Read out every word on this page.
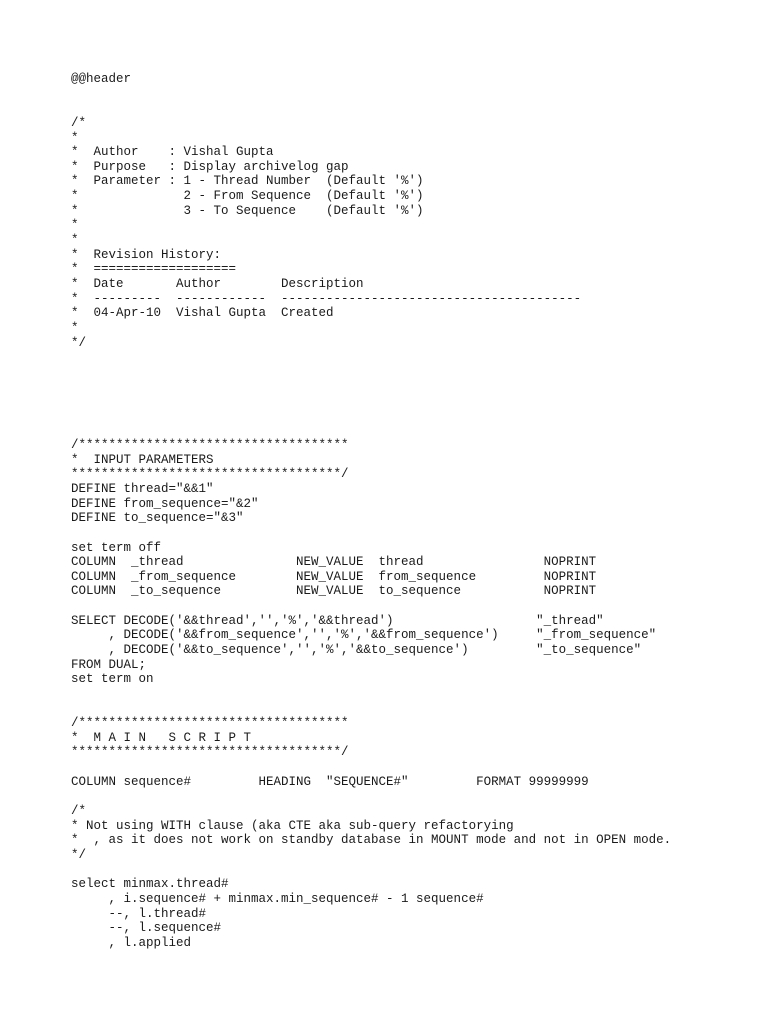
@@header
/*
*
*  Author    : Vishal Gupta
*  Purpose   : Display archivelog gap
*  Parameter : 1 - Thread Number  (Default '%')
*              2 - From Sequence  (Default '%')
*              3 - To Sequence    (Default '%')
*
*
*  Revision History:
*  ===================
*  Date       Author        Description
*  ---------  ------------  ----------------------------------------
*  04-Apr-10  Vishal Gupta  Created
*
*/
/************************************
*  INPUT PARAMETERS
************************************/
DEFINE thread="&&1"
DEFINE from_sequence="&2"
DEFINE to_sequence="&3"
set term off
COLUMN  _thread               NEW_VALUE  thread                NOPRINT
COLUMN  _from_sequence        NEW_VALUE  from_sequence         NOPRINT
COLUMN  _to_sequence          NEW_VALUE  to_sequence           NOPRINT
SELECT DECODE('&&thread','','%','&&thread')                   "_thread"
, DECODE('&&from_sequence','','%','&&from_sequence')     "_from_sequence"
, DECODE('&&to_sequence','','%','&&to_sequence')         "_to_sequence"
FROM DUAL;
set term on
/************************************
*  M A I N   S C R I P T
************************************/
COLUMN sequence#         HEADING  "SEQUENCE#"         FORMAT 99999999
/*
* Not using WITH clause (aka CTE aka sub-query refactorying
*  , as it does not work on standby database in MOUNT mode and not in OPEN mode.
*/
select minmax.thread#
, i.sequence# + minmax.min_sequence# - 1 sequence#
--, l.thread#
--, l.sequence#
, l.applied
